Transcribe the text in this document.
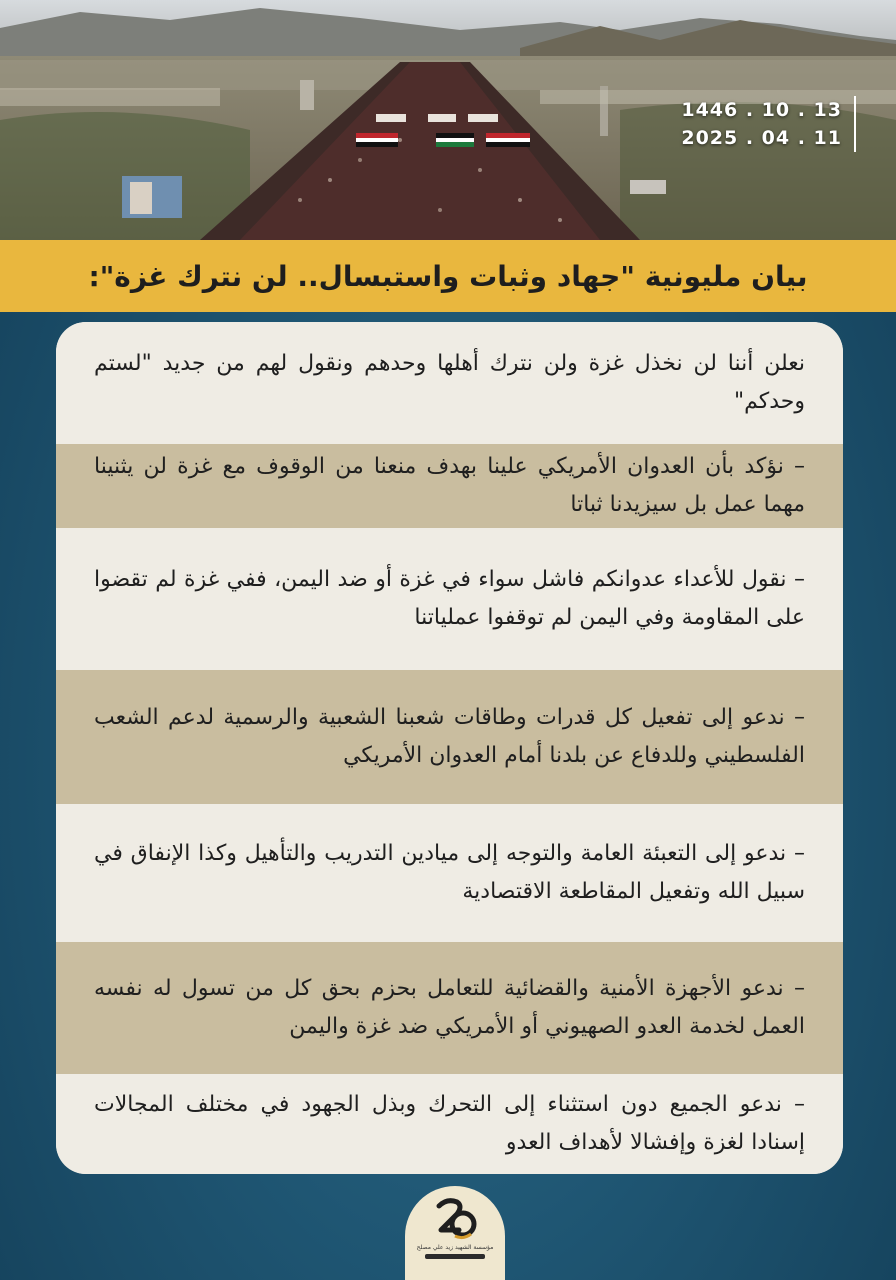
1446 . 10 . 13
2025 . 04 . 11
بيان مليونية "جهاد وثبات واستبسال.. لن نترك غزة":
نعلن أننا لن نخذل غزة ولن نترك أهلها وحدهم ونقول لهم من جديد "لستم وحدكم"
– نؤكد بأن العدوان الأمريكي علينا بهدف منعنا من الوقوف مع غزة لن يثنينا مهما عمل بل سيزيدنا ثباتا
– نقول للأعداء عدوانكم فاشل سواء في غزة أو ضد اليمن، ففي غزة لم تقضوا على المقاومة وفي اليمن لم توقفوا عملياتنا
– ندعو إلى تفعيل كل قدرات وطاقات شعبنا الشعبية والرسمية لدعم الشعب الفلسطيني وللدفاع عن بلدنا أمام العدوان الأمريكي
– ندعو إلى التعبئة العامة والتوجه إلى ميادين التدريب والتأهيل وكذا الإنفاق في سبيل الله وتفعيل المقاطعة الاقتصادية
– ندعو الأجهزة الأمنية والقضائية للتعامل بحزم بحق كل من تسول له نفسه العمل لخدمة العدو الصهيوني أو الأمريكي ضد غزة واليمن
– ندعو الجميع دون استثناء إلى التحرك وبذل الجهود في مختلف المجالات إسنادا لغزة وإفشالا لأهداف العدو
مؤسسة الشهيد زيد علي مصلح
